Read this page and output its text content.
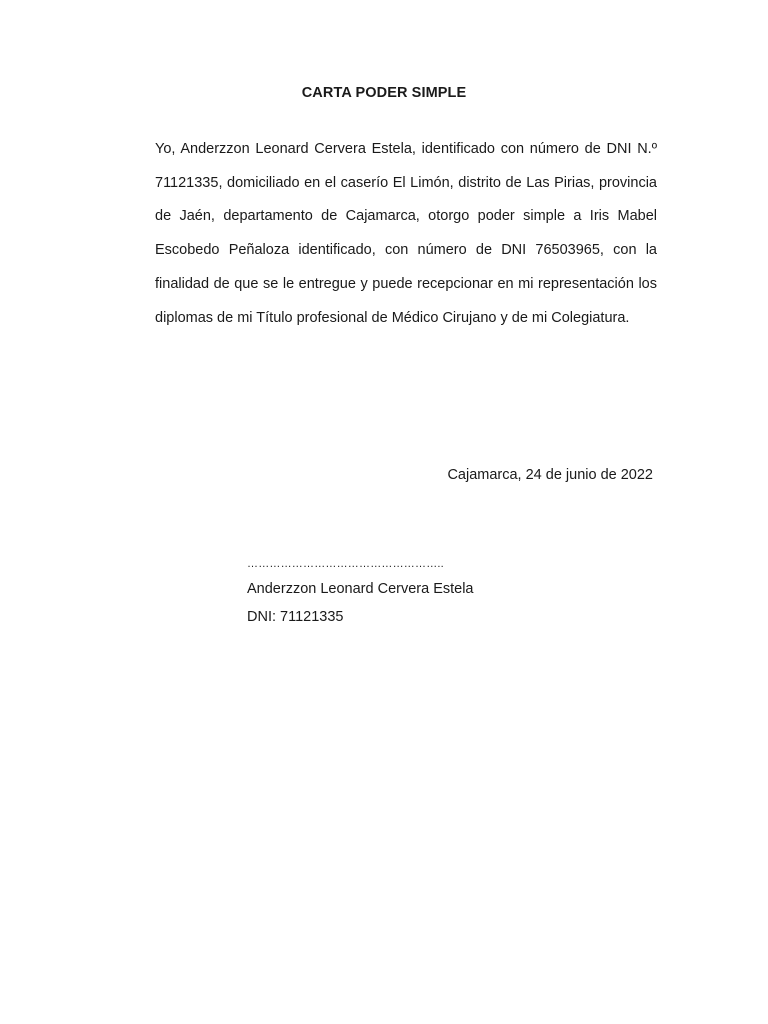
CARTA PODER SIMPLE

Yo, Anderzzon Leonard Cervera Estela, identificado con número de DNI N.º 71121335, domiciliado en el caserío El Limón, distrito de Las Pirias, provincia de Jaén, departamento de Cajamarca, otorgo poder simple a Iris Mabel Escobedo Peñaloza identificado, con número de DNI 76503965, con la finalidad de que se le entregue y puede recepcionar en mi representación los diplomas de mi Título profesional de Médico Cirujano y de mi Colegiatura.

Cajamarca, 24 de junio de 2022
……………………………………………..
Anderzzon Leonard Cervera Estela
DNI: 71121335
